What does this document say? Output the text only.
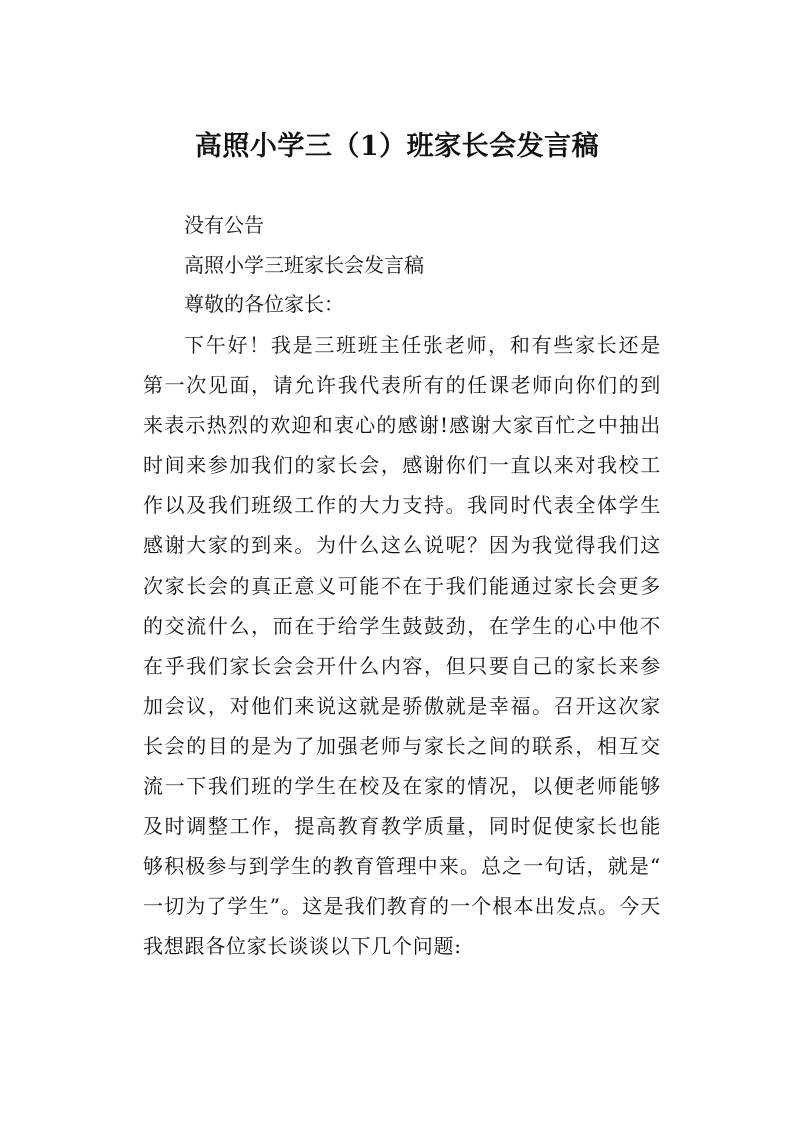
高照小学三（1）班家长会发言稿

没有公告

高照小学三班家长会发言稿

尊敬的各位家长：

下午好！我是三班班主任张老师，和有些家长还是第一次见面，请允许我代表所有的任课老师向你们的到来表示热烈的欢迎和衷心的感谢!感谢大家百忙之中抽出时间来参加我们的家长会，感谢你们一直以来对我校工作以及我们班级工作的大力支持。我同时代表全体学生感谢大家的到来。为什么这么说呢？因为我觉得我们这次家长会的真正意义可能不在于我们能通过家长会更多的交流什么，而在于给学生鼓鼓劲，在学生的心中他不在乎我们家长会会开什么内容，但只要自己的家长来参加会议，对他们来说这就是骄傲就是幸福。召开这次家长会的目的是为了加强老师与家长之间的联系，相互交流一下我们班的学生在校及在家的情况，以便老师能够及时调整工作，提高教育教学质量，同时促使家长也能够积极参与到学生的教育管理中来。总之一句话，就是“一切为了学生”。这是我们教育的一个根本出发点。今天我想跟各位家长谈谈以下几个问题:
